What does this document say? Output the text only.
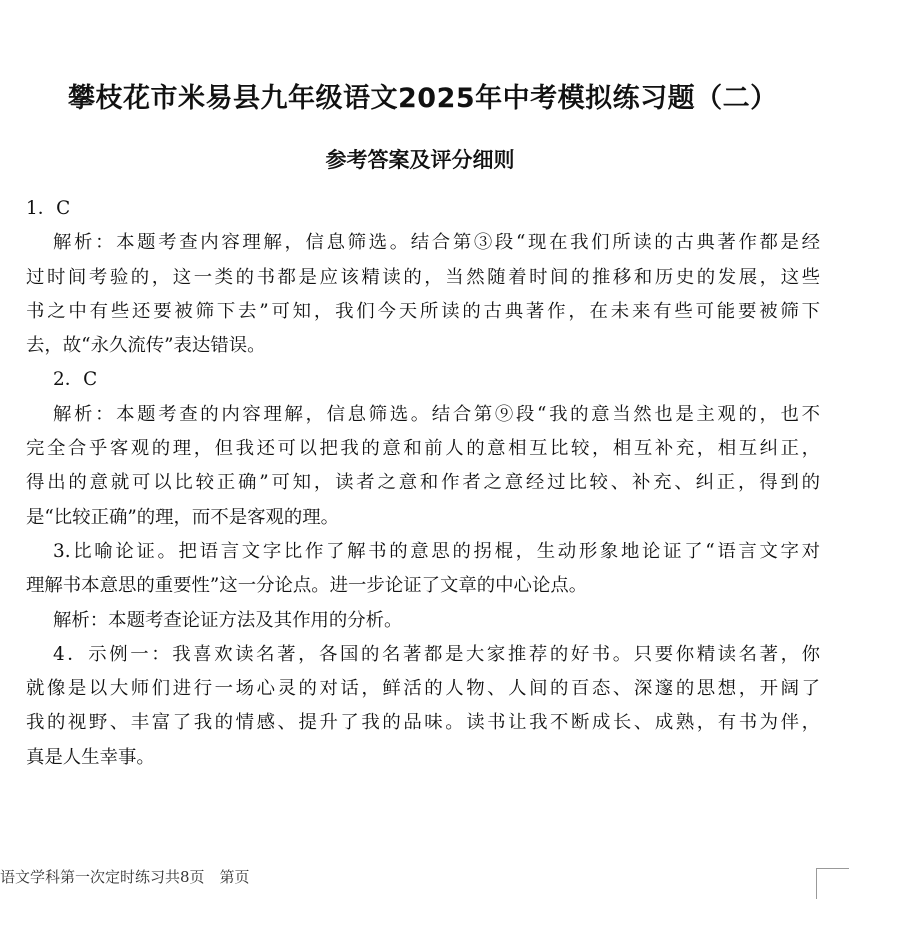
攀枝花市米易县九年级语文2025年中考模拟练习题（二）
参考答案及评分细则
1．C
解析：本题考查内容理解，信息筛选。结合第③段“现在我们所读的古典著作都是经
过时间考验的，这一类的书都是应该精读的，当然随着时间的推移和历史的发展，这些
书之中有些还要被筛下去”可知，我们今天所读的古典著作，在未来有些可能要被筛下
去，故“永久流传”表达错误。
2．C
解析：本题考查的内容理解，信息筛选。结合第⑨段“我的意当然也是主观的，也不
完全合乎客观的理，但我还可以把我的意和前人的意相互比较，相互补充，相互纠正，
得出的意就可以比较正确”可知，读者之意和作者之意经过比较、补充、纠正，得到的
是“比较正确”的理，而不是客观的理。
3.比喻论证。把语言文字比作了解书的意思的拐棍，生动形象地论证了“语言文字对
理解书本意思的重要性”这一分论点。进一步论证了文章的中心论点。
解析：本题考查论证方法及其作用的分析。
4．示例一：我喜欢读名著，各国的名著都是大家推荐的好书。只要你精读名著，你
就像是以大师们进行一场心灵的对话，鲜活的人物、人间的百态、深邃的思想，开阔了
我的视野、丰富了我的情感、提升了我的品味。读书让我不断成长、成熟，有书为伴，
真是人生幸事。
语文学科第一次定时练习共8页　第页
